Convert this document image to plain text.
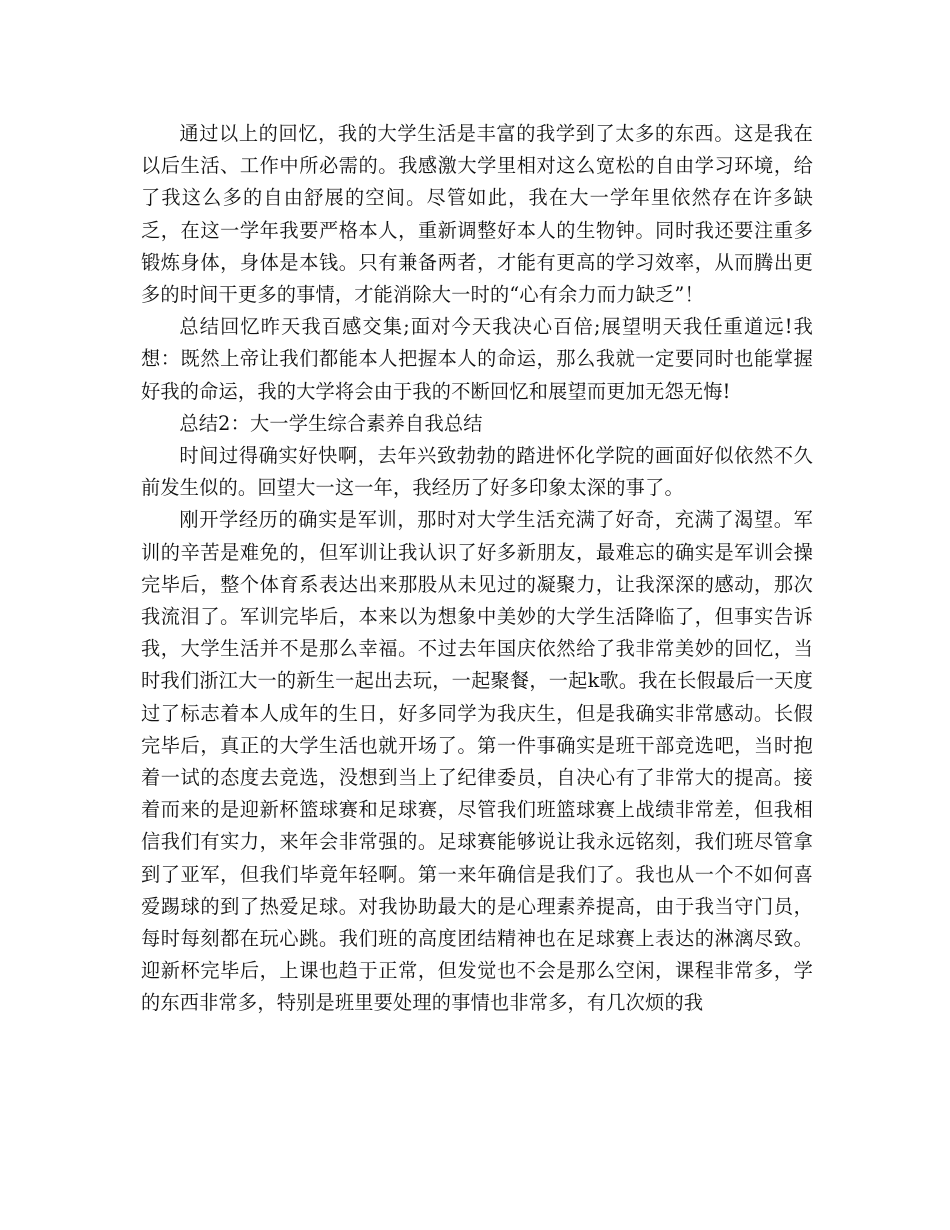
通过以上的回忆，我的大学生活是丰富的我学到了太多的东西。这是我在以后生活、工作中所必需的。我感激大学里相对这么宽松的自由学习环境，给了我这么多的自由舒展的空间。尽管如此，我在大一学年里依然存在许多缺乏，在这一学年我要严格本人，重新调整好本人的生物钟。同时我还要注重多锻炼身体，身体是本钱。只有兼备两者，才能有更高的学习效率，从而腾出更多的时间干更多的事情，才能消除大一时的“心有余力而力缺乏”！

总结回忆昨天我百感交集;面对今天我决心百倍;展望明天我任重道远!我想：既然上帝让我们都能本人把握本人的命运，那么我就一定要同时也能掌握好我的命运，我的大学将会由于我的不断回忆和展望而更加无怨无悔!

总结2：大一学生综合素养自我总结

时间过得确实好快啊，去年兴致勃勃的踏进怀化学院的画面好似依然不久前发生似的。回望大一这一年，我经历了好多印象太深的事了。

刚开学经历的确实是军训，那时对大学生活充满了好奇，充满了渴望。军训的辛苦是难免的，但军训让我认识了好多新朋友，最难忘的确实是军训会操完毕后，整个体育系表达出来那股从未见过的凝聚力，让我深深的感动，那次我流泪了。军训完毕后，本来以为想象中美妙的大学生活降临了，但事实告诉我，大学生活并不是那么幸福。不过去年国庆依然给了我非常美妙的回忆，当时我们浙江大一的新生一起出去玩，一起聚餐，一起k歌。我在长假最后一天度过了标志着本人成年的生日，好多同学为我庆生，但是我确实非常感动。长假完毕后，真正的大学生活也就开场了。第一件事确实是班干部竞选吧，当时抱着一试的态度去竞选，没想到当上了纪律委员，自决心有了非常大的提高。接着而来的是迎新杯篮球赛和足球赛，尽管我们班篮球赛上战绩非常差，但我相信我们有实力，来年会非常强的。足球赛能够说让我永远铭刻，我们班尽管拿到了亚军，但我们毕竟年轻啊。第一来年确信是我们了。我也从一个不如何喜爱踢球的到了热爱足球。对我协助最大的是心理素养提高，由于我当守门员，每时每刻都在玩心跳。我们班的高度团结精神也在足球赛上表达的淋漓尽致。迎新杯完毕后，上课也趋于正常，但发觉也不会是那么空闲，课程非常多，学的东西非常多，特别是班里要处理的事情也非常多，有几次烦的我
